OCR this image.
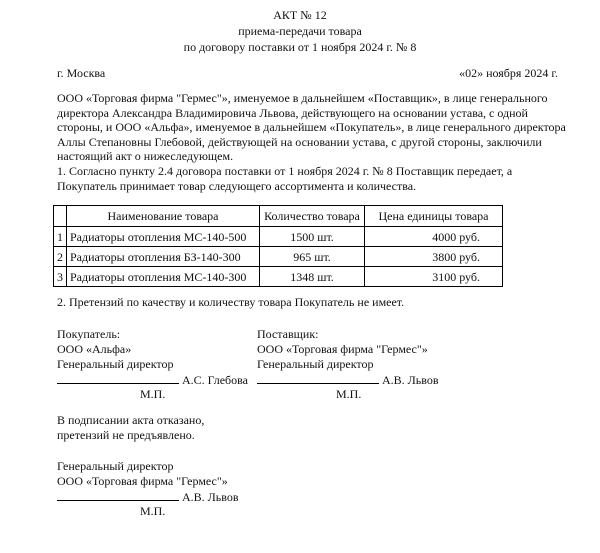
АКТ № 12
приема-передачи товара
по договору поставки от 1 ноября 2024 г. № 8
г. Москва	«02» ноября 2024 г.
ООО «Торговая фирма "Гермес"», именуемое в дальнейшем «Поставщик», в лице генерального директора Александра Владимировича Львова, действующего на основании устава, с одной стороны, и ООО «Альфа», именуемое в дальнейшем «Покупатель», в лице генерального директора Аллы Степановны Глебовой, действующей на основании устава, с другой стороны, заключили настоящий акт о нижеследующем.
1. Согласно пункту 2.4 договора поставки от 1 ноября 2024 г. № 8 Поставщик передает, а Покупатель принимает товар следующего ассортимента и количества.
	Наименование товара	Количество товара	Цена единицы товара
1	Радиаторы отопления МС-140-500	1500 шт.	4000 руб.
2	Радиаторы отопления БЗ-140-300	965 шт.	3800 руб.
3	Радиаторы отопления МС-140-300	1348 шт.	3100 руб.
2. Претензий по качеству и количеству товара Покупатель не имеет.
Покупатель:
ООО «Альфа»
Генеральный директор
А.С. Глебова
М.П.
Поставщик:
ООО «Торговая фирма "Гермес"»
Генеральный директор
А.В. Львов
М.П.
В подписании акта отказано,
претензий не предъявлено.
Генеральный директор
ООО «Торговая фирма "Гермес"»
А.В. Львов
М.П.
